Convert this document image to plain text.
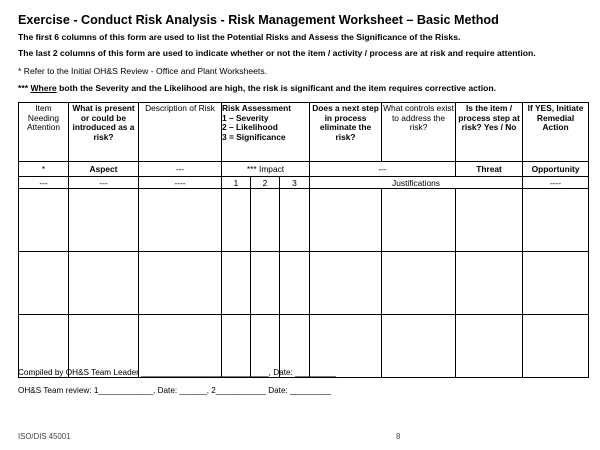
Exercise - Conduct Risk Analysis - Risk Management Worksheet – Basic Method
The first 6 columns of this form are used to list the Potential Risks and Assess the Significance of the Risks.
The last 2 columns of this form are used to indicate whether or not the item / activity / process are at risk and require attention.
* Refer to the Initial OH&S Review - Office and Plant Worksheets.
*** Where both the Severity and the Likelihood are high, the risk is significant and the item requires corrective action.
Item Needing Attention	What is present or could be introduced as a risk?	Description of Risk	Risk Assessment
1 – Severity
2 – Likelihood
3 = Significance			Does a next step in process eliminate the risk?	What controls exist to address the risk?	Is the item / process step at risk? Yes / No	If YES, Initiate Remedial Action
*	Aspect	---	*** Impact			---		Threat	Opportunity
---	---	----	1	2	3	Justifications			----

Compiled by OH&S Team Leader ____________________________, Date: _________
OH&S Team review: 1____________, Date: ______, 2___________ Date: _________
ISO/DIS 45001	8
